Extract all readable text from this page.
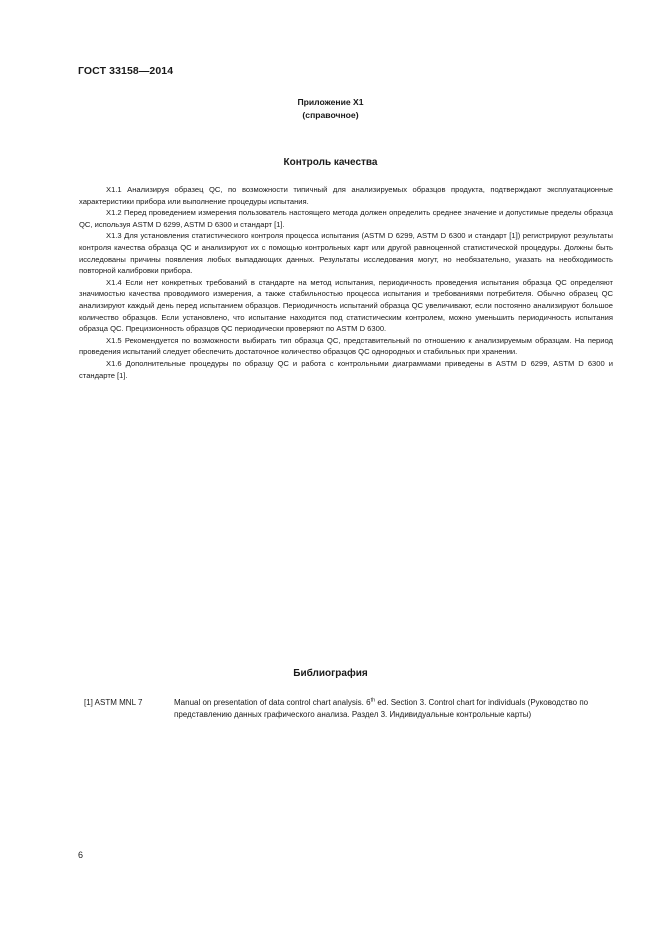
ГОСТ 33158—2014
Приложение X1
(справочное)
Контроль качества

X1.1 Анализируя образец QC, по возможности типичный для анализируемых образцов продукта, подтверждают эксплуатационные характеристики прибора или выполнение процедуры испытания.

X1.2 Перед проведением измерения пользователь настоящего метода должен определить среднее значение и допустимые пределы образца QC, используя ASTM D 6299, ASTM D 6300 и стандарт [1].

X1.3 Для установления статистического контроля процесса испытания (ASTM D 6299, ASTM D 6300 и стандарт [1]) регистрируют результаты контроля качества образца QC и анализируют их с помощью контрольных карт или другой равноценной статистической процедуры. Должны быть исследованы причины появления любых выпадающих данных. Результаты исследования могут, но необязательно, указать на необходимость повторной калибровки прибора.

X1.4 Если нет конкретных требований в стандарте на метод испытания, периодичность проведения испытания образца QC определяют значимостью качества проводимого измерения, а также стабильностью процесса испытания и требованиями потребителя. Обычно образец QC анализируют каждый день перед испытанием образцов. Периодичность испытаний образца QC увеличивают, если постоянно анализируют большое количество образцов. Если установлено, что испытание находится под статистическим контролем, можно уменьшить периодичность испытания образца QC. Прецизионность образцов QC периодически проверяют по ASTM D 6300.

X1.5 Рекомендуется по возможности выбирать тип образца QC, представительный по отношению к анализируемым образцам. На период проведения испытаний следует обеспечить достаточное количество образцов QC однородных и стабильных при хранении.

X1.6 Дополнительные процедуры по образцу QC и работа с контрольными диаграммами приведены в ASTM D 6299, ASTM D 6300 и стандарте [1].

Библиография
[1] ASTM MNL 7	Manual on presentation of data control chart analysis. 6th ed. Section 3. Control chart for individuals (Руководство по представлению данных графического анализа. Раздел 3. Индивидуальные контрольные карты)
6
